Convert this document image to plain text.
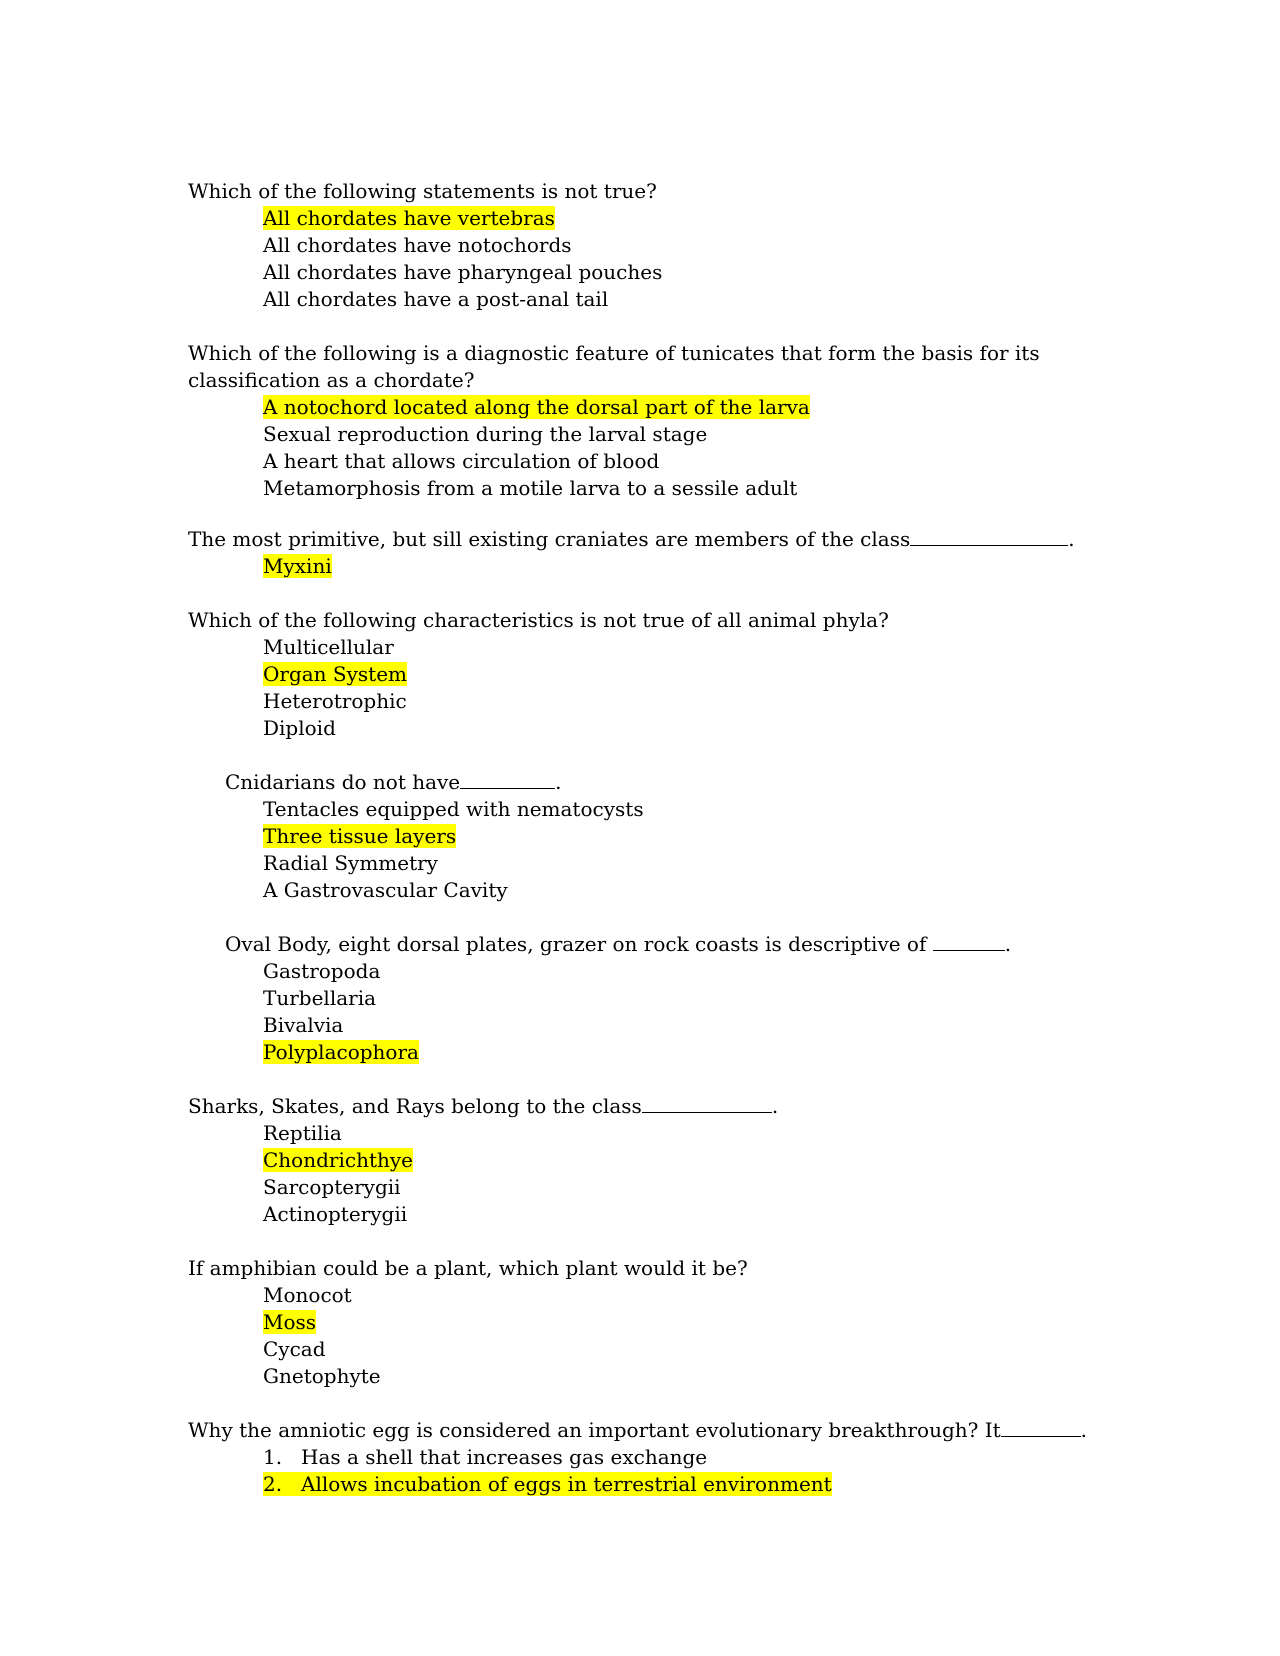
Which of the following statements is not true?
All chordates have vertebras
All chordates have notochords
All chordates have pharyngeal pouches
All chordates have a post-anal tail
Which of the following is a diagnostic feature of tunicates that form the basis for its
classification as a chordate?
A notochord located along the dorsal part of the larva
Sexual reproduction during the larval stage
A heart that allows circulation of blood
Metamorphosis from a motile larva to a sessile adult
The most primitive, but sill existing craniates are members of the class	.
Myxini
Which of the following characteristics is not true of all animal phyla?
Multicellular
Organ System
Heterotrophic
Diploid
Cnidarians do not have	.
Tentacles equipped with nematocysts
Three tissue layers
Radial Symmetry
A Gastrovascular Cavity
Oval Body, eight dorsal plates, grazer on rock coasts is descriptive of	.
Gastropoda
Turbellaria
Bivalvia
Polyplacophora
Sharks, Skates, and Rays belong to the class	.
Reptilia
Chondrichthye
Sarcopterygii
Actinopterygii
If amphibian could be a plant, which plant would it be?
Monocot
Moss
Cycad
Gnetophyte
Why the amniotic egg is considered an important evolutionary breakthrough? It	.
1. Has a shell that increases gas exchange
2. Allows incubation of eggs in terrestrial environment
